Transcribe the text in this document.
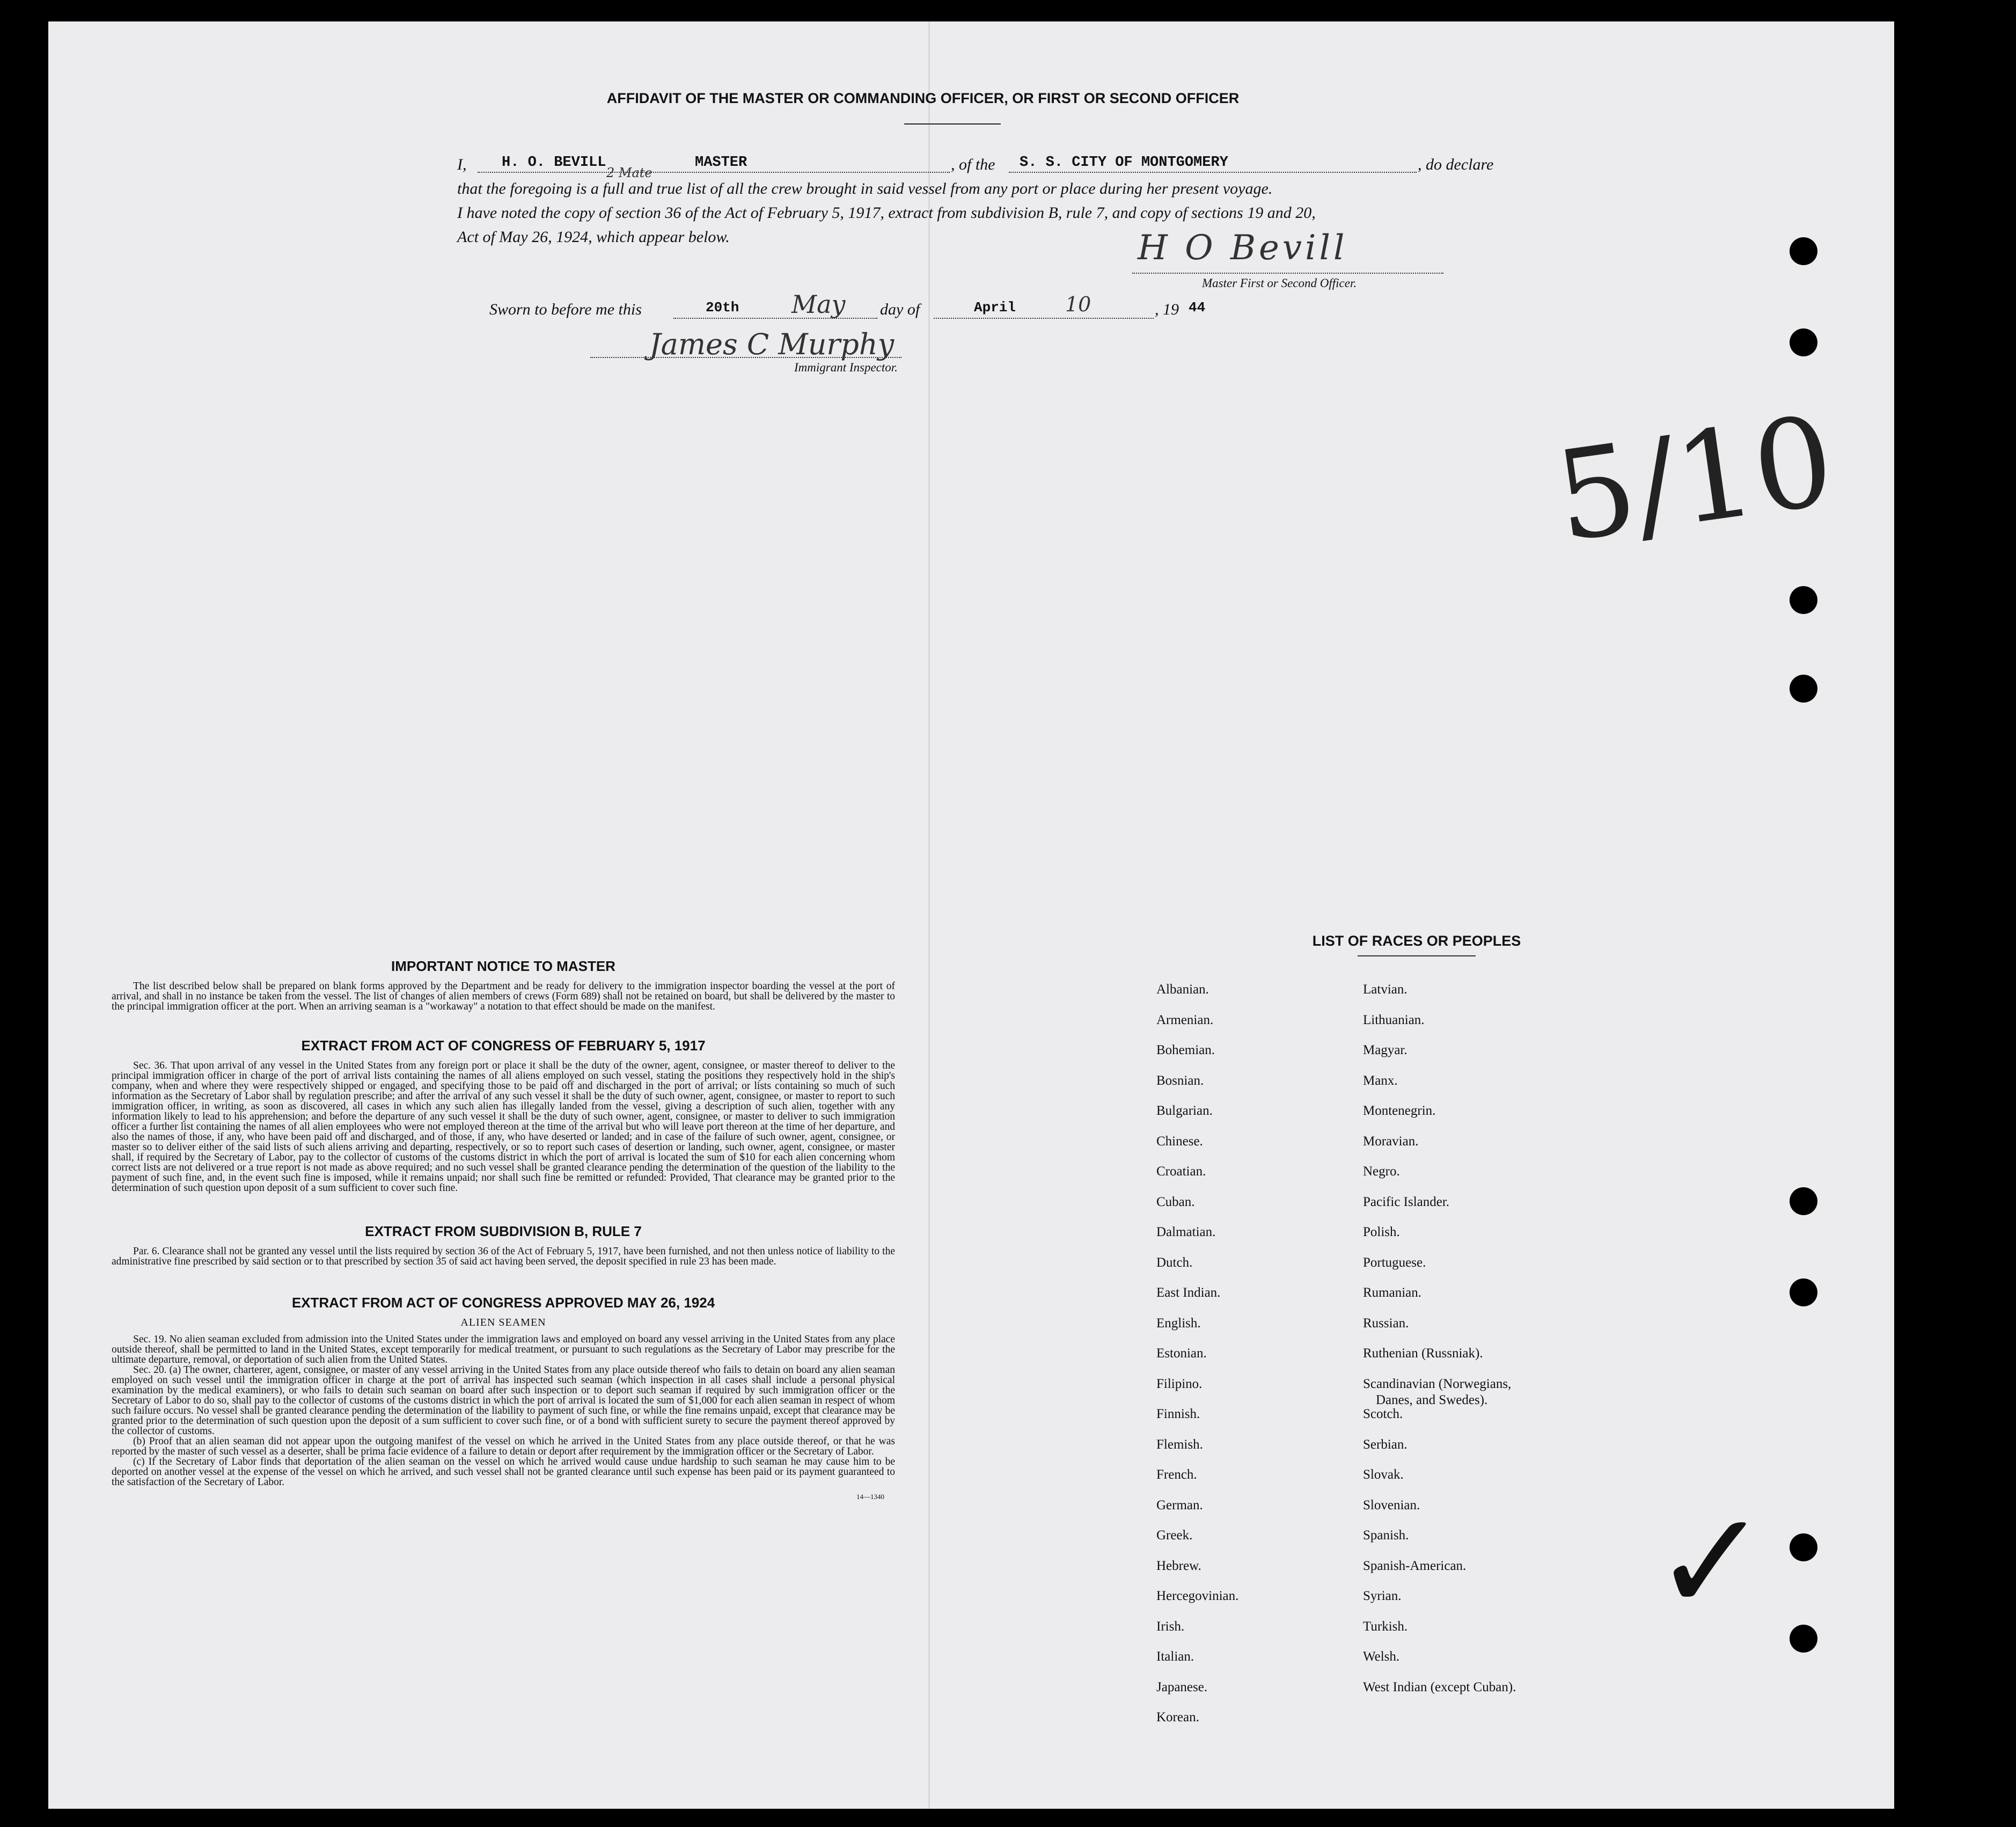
AFFIDAVIT OF THE MASTER OR COMMANDING OFFICER, OR FIRST OR SECOND OFFICER
I, H. O. BEVILL	MASTER
2 Mate	, of the S. S. CITY OF MONTGOMERY	, do declare
that the foregoing is a full and true list of all the crew brought in said vessel from any port or place during her present voyage.
I have noted the copy of section 36 of the Act of February 5, 1917, extract from subdivision B, rule 7, and copy of sections 19 and 20,
Act of May 26, 1924, which appear below.	H O Bevill
Master First or Second Officer.
Sworn to before me this	20th May day of	April 10	, 19 44
James C Murphy
Immigrant Inspector.
5/10
✓
IMPORTANT NOTICE TO MASTER
The list described below shall be prepared on blank forms approved by the Department and be ready for delivery to the immigration inspector boarding the vessel at the port of arrival, and shall in no instance be taken from the vessel. The list of changes of alien members of crews (Form 689) shall not be retained on board, but shall be delivered by the master to the principal immigration officer at the port. When an arriving seaman is a "workaway" a notation to that effect should be made on the manifest.
EXTRACT FROM ACT OF CONGRESS OF FEBRUARY 5, 1917
Sec. 36. That upon arrival of any vessel in the United States from any foreign port or place it shall be the duty of the owner, agent, consignee, or master thereof to deliver to the principal immigration officer in charge of the port of arrival lists containing the names of all aliens employed on such vessel, stating the positions they respectively hold in the ship's company, when and where they were respectively shipped or engaged, and specifying those to be paid off and discharged in the port of arrival; or lists containing so much of such information as the Secretary of Labor shall by regulation prescribe; and after the arrival of any such vessel it shall be the duty of such owner, agent, consignee, or master to report to such immigration officer, in writing, as soon as discovered, all cases in which any such alien has illegally landed from the vessel, giving a description of such alien, together with any information likely to lead to his apprehension; and before the departure of any such vessel it shall be the duty of such owner, agent, consignee, or master to deliver to such immigration officer a further list containing the names of all alien employees who were not employed thereon at the time of the arrival but who will leave port thereon at the time of her departure, and also the names of those, if any, who have been paid off and discharged, and of those, if any, who have deserted or landed; and in case of the failure of such owner, agent, consignee, or master so to deliver either of the said lists of such aliens arriving and departing, respectively, or so to report such cases of desertion or landing, such owner, agent, consignee, or master shall, if required by the Secretary of Labor, pay to the collector of customs of the customs district in which the port of arrival is located the sum of $10 for each alien concerning whom correct lists are not delivered or a true report is not made as above required; and no such vessel shall be granted clearance pending the determination of the question of the liability to the payment of such fine, and, in the event such fine is imposed, while it remains unpaid; nor shall such fine be remitted or refunded: Provided, That clearance may be granted prior to the determination of such question upon deposit of a sum sufficient to cover such fine.
EXTRACT FROM SUBDIVISION B, RULE 7
Par. 6. Clearance shall not be granted any vessel until the lists required by section 36 of the Act of February 5, 1917, have been furnished, and not then unless notice of liability to the administrative fine prescribed by said section or to that prescribed by section 35 of said act having been served, the deposit specified in rule 23 has been made.
EXTRACT FROM ACT OF CONGRESS APPROVED MAY 26, 1924
ALIEN SEAMEN
Sec. 19. No alien seaman excluded from admission into the United States under the immigration laws and employed on board any vessel arriving in the United States from any place outside thereof, shall be permitted to land in the United States, except temporarily for medical treatment, or pursuant to such regulations as the Secretary of Labor may prescribe for the ultimate departure, removal, or deportation of such alien from the United States.
Sec. 20. (a) The owner, charterer, agent, consignee, or master of any vessel arriving in the United States from any place outside thereof who fails to detain on board any alien seaman employed on such vessel until the immigration officer in charge at the port of arrival has inspected such seaman (which inspection in all cases shall include a personal physical examination by the medical examiners), or who fails to detain such seaman on board after such inspection or to deport such seaman if required by such immigration officer or the Secretary of Labor to do so, shall pay to the collector of customs of the customs district in which the port of arrival is located the sum of $1,000 for each alien seaman in respect of whom such failure occurs. No vessel shall be granted clearance pending the determination of the liability to payment of such fine, or while the fine remains unpaid, except that clearance may be granted prior to the determination of such question upon the deposit of a sum sufficient to cover such fine, or of a bond with sufficient surety to secure the payment thereof approved by the collector of customs.
(b) Proof that an alien seaman did not appear upon the outgoing manifest of the vessel on which he arrived in the United States from any place outside thereof, or that he was reported by the master of such vessel as a deserter, shall be prima facie evidence of a failure to detain or deport after requirement by the immigration officer or the Secretary of Labor.
(c) If the Secretary of Labor finds that deportation of the alien seaman on the vessel on which he arrived would cause undue hardship to such seaman he may cause him to be deported on another vessel at the expense of the vessel on which he arrived, and such vessel shall not be granted clearance until such expense has been paid or its payment guaranteed to the satisfaction of the Secretary of Labor.
14—1340
LIST OF RACES OR PEOPLES
Albanian.
Armenian.
Bohemian.
Bosnian.
Bulgarian.
Chinese.
Croatian.
Cuban.
Dalmatian.
Dutch.
East Indian.
English.
Estonian.
Filipino.
Finnish.
Flemish.
French.
German.
Greek.
Hebrew.
Hercegovinian.
Irish.
Italian.
Japanese.
Korean.
Latvian.
Lithuanian.
Magyar.
Manx.
Montenegrin.
Moravian.
Negro.
Pacific Islander.
Polish.
Portuguese.
Rumanian.
Russian.
Ruthenian (Russniak).
Scandinavian (Norwegians,
Danes, and Swedes).
Scotch.
Serbian.
Slovak.
Slovenian.
Spanish.
Spanish-American.
Syrian.
Turkish.
Welsh.
West Indian (except Cuban).
